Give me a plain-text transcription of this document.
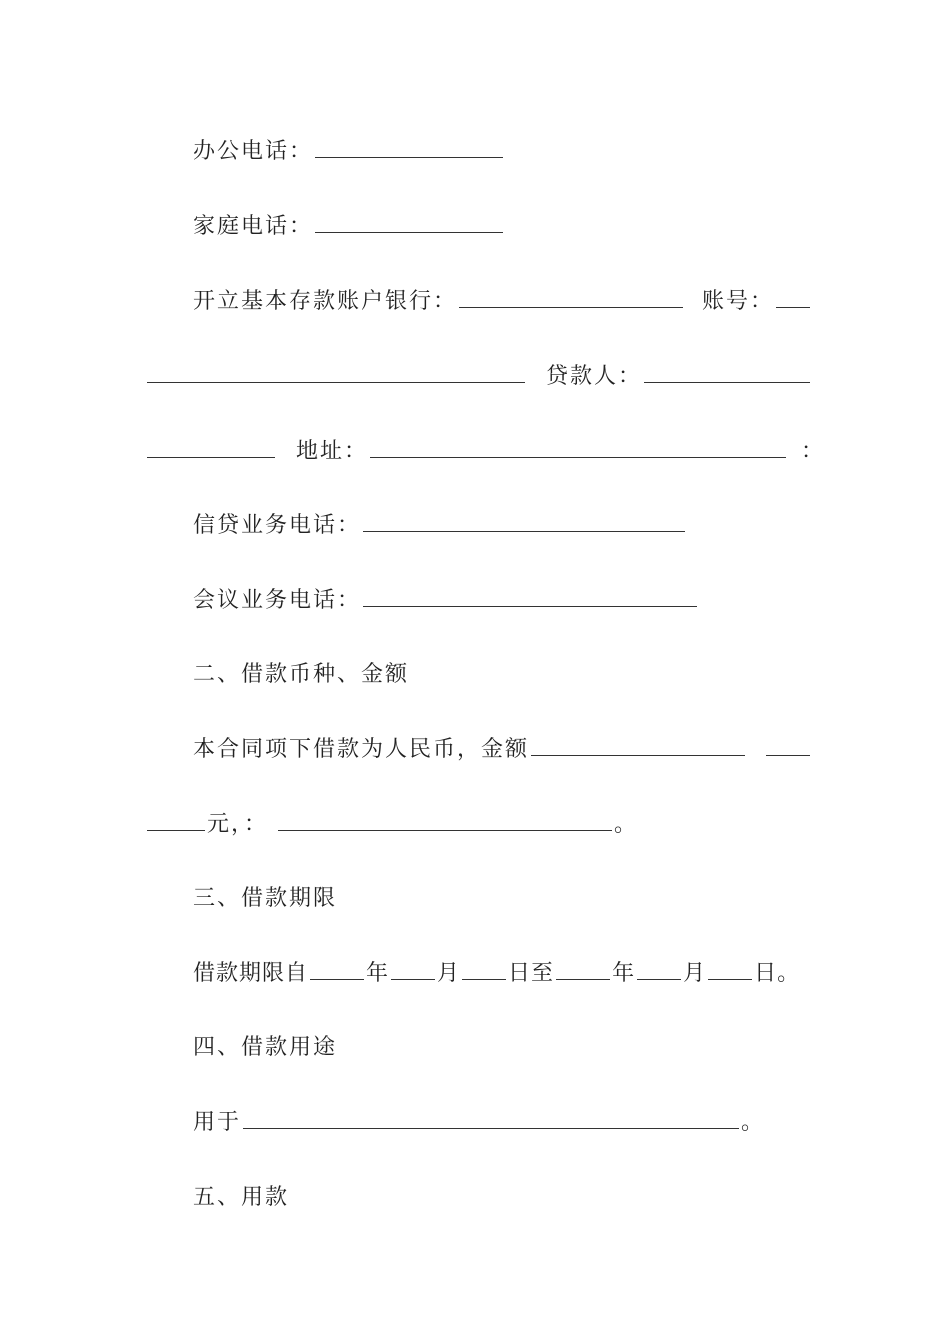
办公电话：
家庭电话：
开立基本存款账户银行：	账号：
贷款人：
地址：	：
信贷业务电话：
会议业务电话：
二、借款币种、金额
本合同项下借款为人民币，金额
元，：	。
三、借款期限
借款期限自	年 月 日至	年 月 日。
四、借款用途
用于	。
五、用款
